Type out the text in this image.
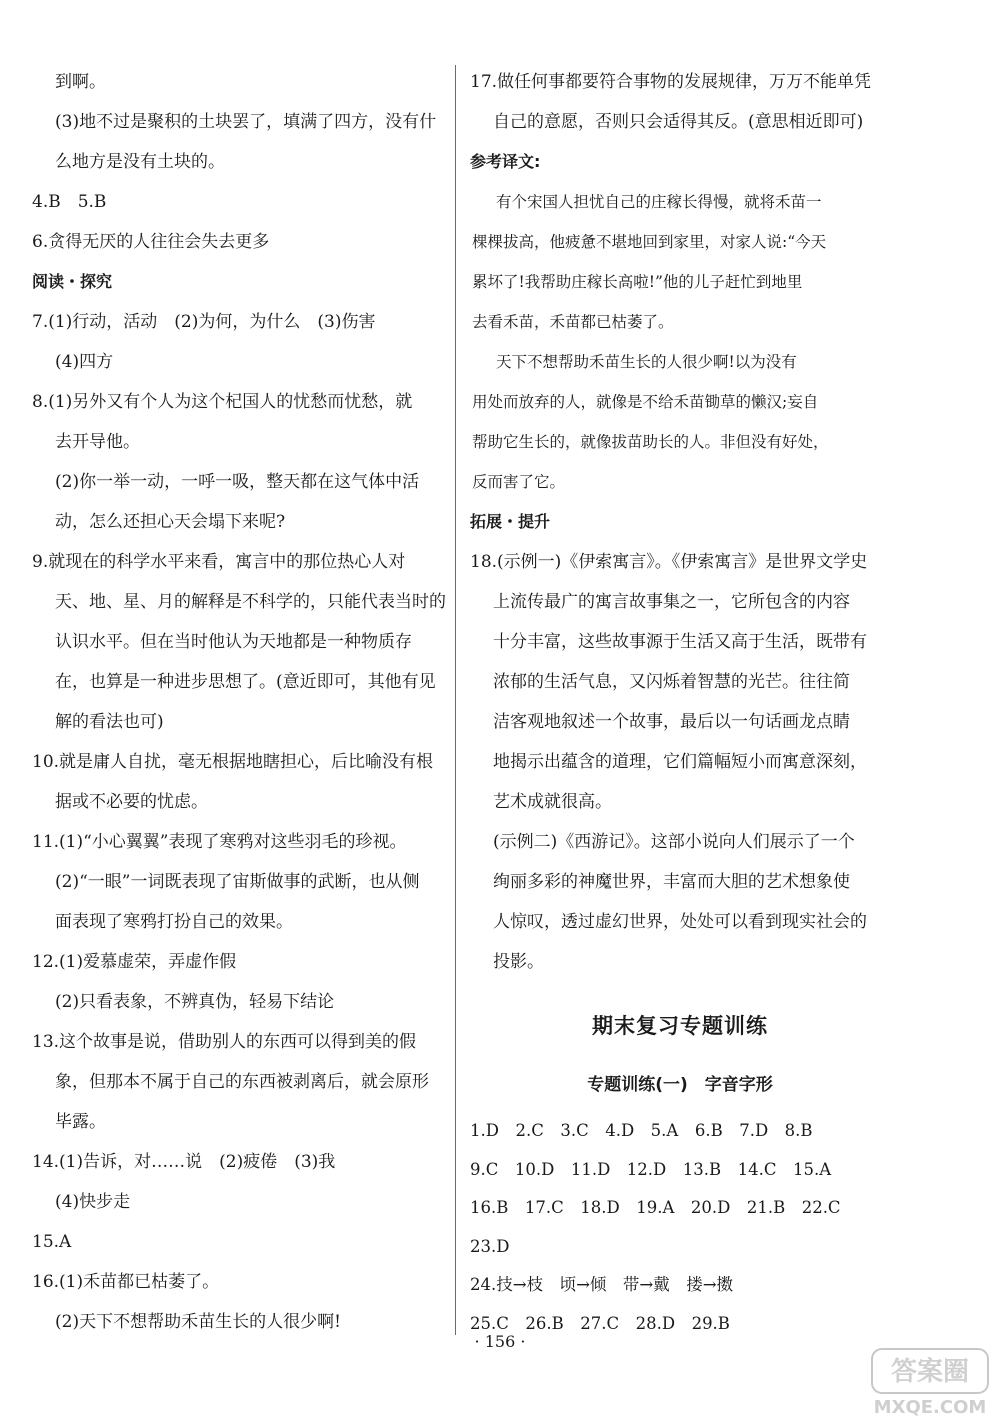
到啊。
(3)地不过是聚积的土块罢了，填满了四方，没有什
么地方是没有土块的。
4.B　5.B
6.贪得无厌的人往往会失去更多
阅读・探究
7.(1)行动，活动　(2)为何，为什么　(3)伤害
(4)四方
8.(1)另外又有个人为这个杞国人的忧愁而忧愁，就
去开导他。
(2)你一举一动，一呼一吸，整天都在这气体中活
动，怎么还担心天会塌下来呢?
9.就现在的科学水平来看，寓言中的那位热心人对
天、地、星、月的解释是不科学的，只能代表当时的
认识水平。但在当时他认为天地都是一种物质存
在，也算是一种进步思想了。(意近即可，其他有见
解的看法也可)
10.就是庸人自扰，毫无根据地瞎担心，后比喻没有根
据或不必要的忧虑。
11.(1)“小心翼翼”表现了寒鸦对这些羽毛的珍视。
(2)“一眼”一词既表现了宙斯做事的武断，也从侧
面表现了寒鸦打扮自己的效果。
12.(1)爱慕虚荣，弄虚作假
(2)只看表象，不辨真伪，轻易下结论
13.这个故事是说，借助别人的东西可以得到美的假
象，但那本不属于自己的东西被剥离后，就会原形
毕露。
14.(1)告诉，对……说　(2)疲倦　(3)我
(4)快步走
15.A
16.(1)禾苗都已枯萎了。
(2)天下不想帮助禾苗生长的人很少啊!
17.做任何事都要符合事物的发展规律，万万不能单凭
自己的意愿，否则只会适得其反。(意思相近即可)
参考译文:
有个宋国人担忧自己的庄稼长得慢，就将禾苗一
棵棵拔高，他疲惫不堪地回到家里，对家人说:“今天
累坏了!我帮助庄稼长高啦!”他的儿子赶忙到地里
去看禾苗，禾苗都已枯萎了。
天下不想帮助禾苗生长的人很少啊!以为没有
用处而放弃的人，就像是不给禾苗锄草的懒汉;妄自
帮助它生长的，就像拔苗助长的人。非但没有好处，
反而害了它。
拓展・提升
18.(示例一)《伊索寓言》。《伊索寓言》是世界文学史
上流传最广的寓言故事集之一，它所包含的内容
十分丰富，这些故事源于生活又高于生活，既带有
浓郁的生活气息，又闪烁着智慧的光芒。往往简
洁客观地叙述一个故事，最后以一句话画龙点睛
地揭示出蕴含的道理，它们篇幅短小而寓意深刻，
艺术成就很高。
(示例二)《西游记》。这部小说向人们展示了一个
绚丽多彩的神魔世界，丰富而大胆的艺术想象使
人惊叹，透过虚幻世界，处处可以看到现实社会的
投影。
期末复习专题训练
专题训练(一)　字音字形
1.D　2.C　3.C　4.D　5.A　6.B　7.D　8.B
9.C　10.D　11.D　12.D　13.B　14.C　15.A
16.B　17.C　18.D　19.A　20.D　21.B　22.C
23.D
24.技→枝　顷→倾　带→戴　搂→擞
25.C　26.B　27.C　28.D　29.B
· 156 ·
答案圈
MXQE.COM
